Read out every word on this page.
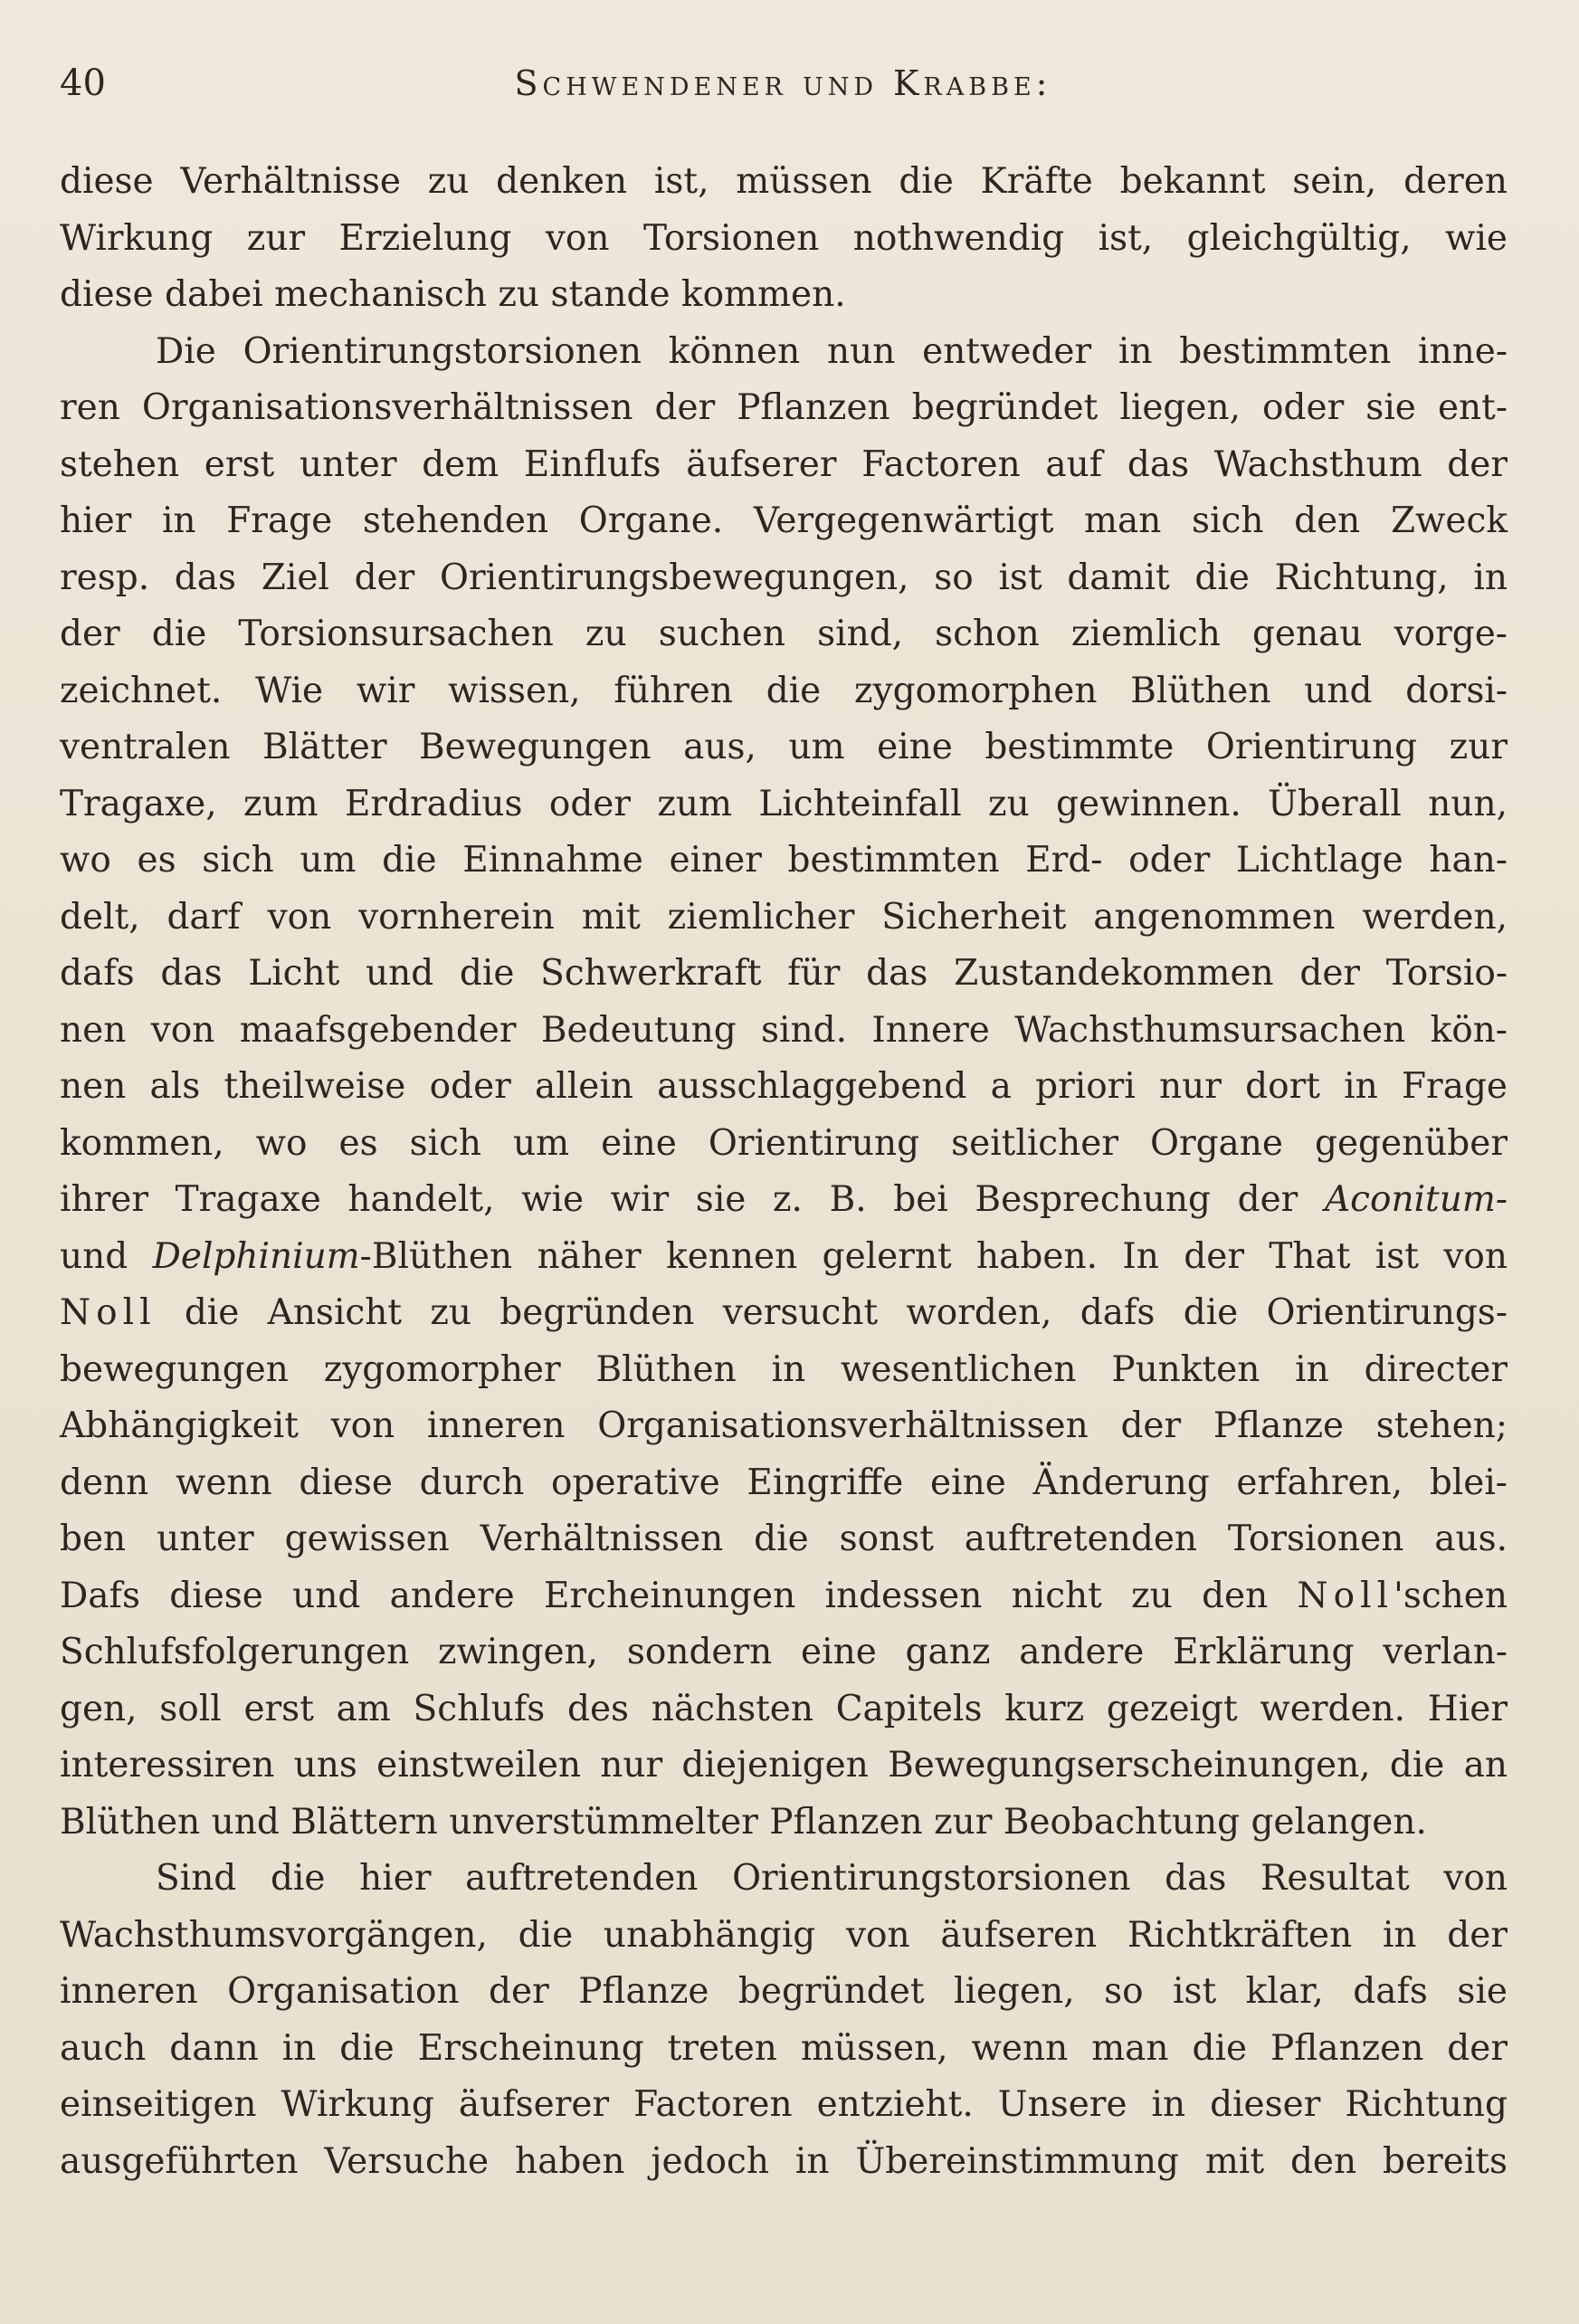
40	Schwendener und Krabbe:
diese Verhältnisse zu denken ist, müssen die Kräfte bekannt sein, deren
Wirkung zur Erzielung von Torsionen nothwendig ist, gleichgültig, wie
diese dabei mechanisch zu stande kommen.
Die Orientirungstorsionen können nun entweder in bestimmten inne-
ren Organisationsverhältnissen der Pflanzen begründet liegen, oder sie ent-
stehen erst unter dem Einflufs äufserer Factoren auf das Wachsthum der
hier in Frage stehenden Organe. Vergegenwärtigt man sich den Zweck
resp. das Ziel der Orientirungsbewegungen, so ist damit die Richtung, in
der die Torsionsursachen zu suchen sind, schon ziemlich genau vorge-
zeichnet. Wie wir wissen, führen die zygomorphen Blüthen und dorsi-
ventralen Blätter Bewegungen aus, um eine bestimmte Orientirung zur
Tragaxe, zum Erdradius oder zum Lichteinfall zu gewinnen. Überall nun,
wo es sich um die Einnahme einer bestimmten Erd- oder Lichtlage han-
delt, darf von vornherein mit ziemlicher Sicherheit angenommen werden,
dafs das Licht und die Schwerkraft für das Zustandekommen der Torsio-
nen von maafsgebender Bedeutung sind. Innere Wachsthumsursachen kön-
nen als theilweise oder allein ausschlaggebend a priori nur dort in Frage
kommen, wo es sich um eine Orientirung seitlicher Organe gegenüber
ihrer Tragaxe handelt, wie wir sie z. B. bei Besprechung der Aconitum-
und Delphinium-Blüthen näher kennen gelernt haben. In der That ist von
Noll die Ansicht zu begründen versucht worden, dafs die Orientirungs-
bewegungen zygomorpher Blüthen in wesentlichen Punkten in directer
Abhängigkeit von inneren Organisationsverhältnissen der Pflanze stehen;
denn wenn diese durch operative Eingriffe eine Änderung erfahren, blei-
ben unter gewissen Verhältnissen die sonst auftretenden Torsionen aus.
Dafs diese und andere Ercheinungen indessen nicht zu den Noll'schen
Schlufsfolgerungen zwingen, sondern eine ganz andere Erklärung verlan-
gen, soll erst am Schlufs des nächsten Capitels kurz gezeigt werden. Hier
interessiren uns einstweilen nur diejenigen Bewegungserscheinungen, die an
Blüthen und Blättern unverstümmelter Pflanzen zur Beobachtung gelangen.
Sind die hier auftretenden Orientirungstorsionen das Resultat von
Wachsthumsvorgängen, die unabhängig von äufseren Richtkräften in der
inneren Organisation der Pflanze begründet liegen, so ist klar, dafs sie
auch dann in die Erscheinung treten müssen, wenn man die Pflanzen der
einseitigen Wirkung äufserer Factoren entzieht. Unsere in dieser Richtung
ausgeführten Versuche haben jedoch in Übereinstimmung mit den bereits
